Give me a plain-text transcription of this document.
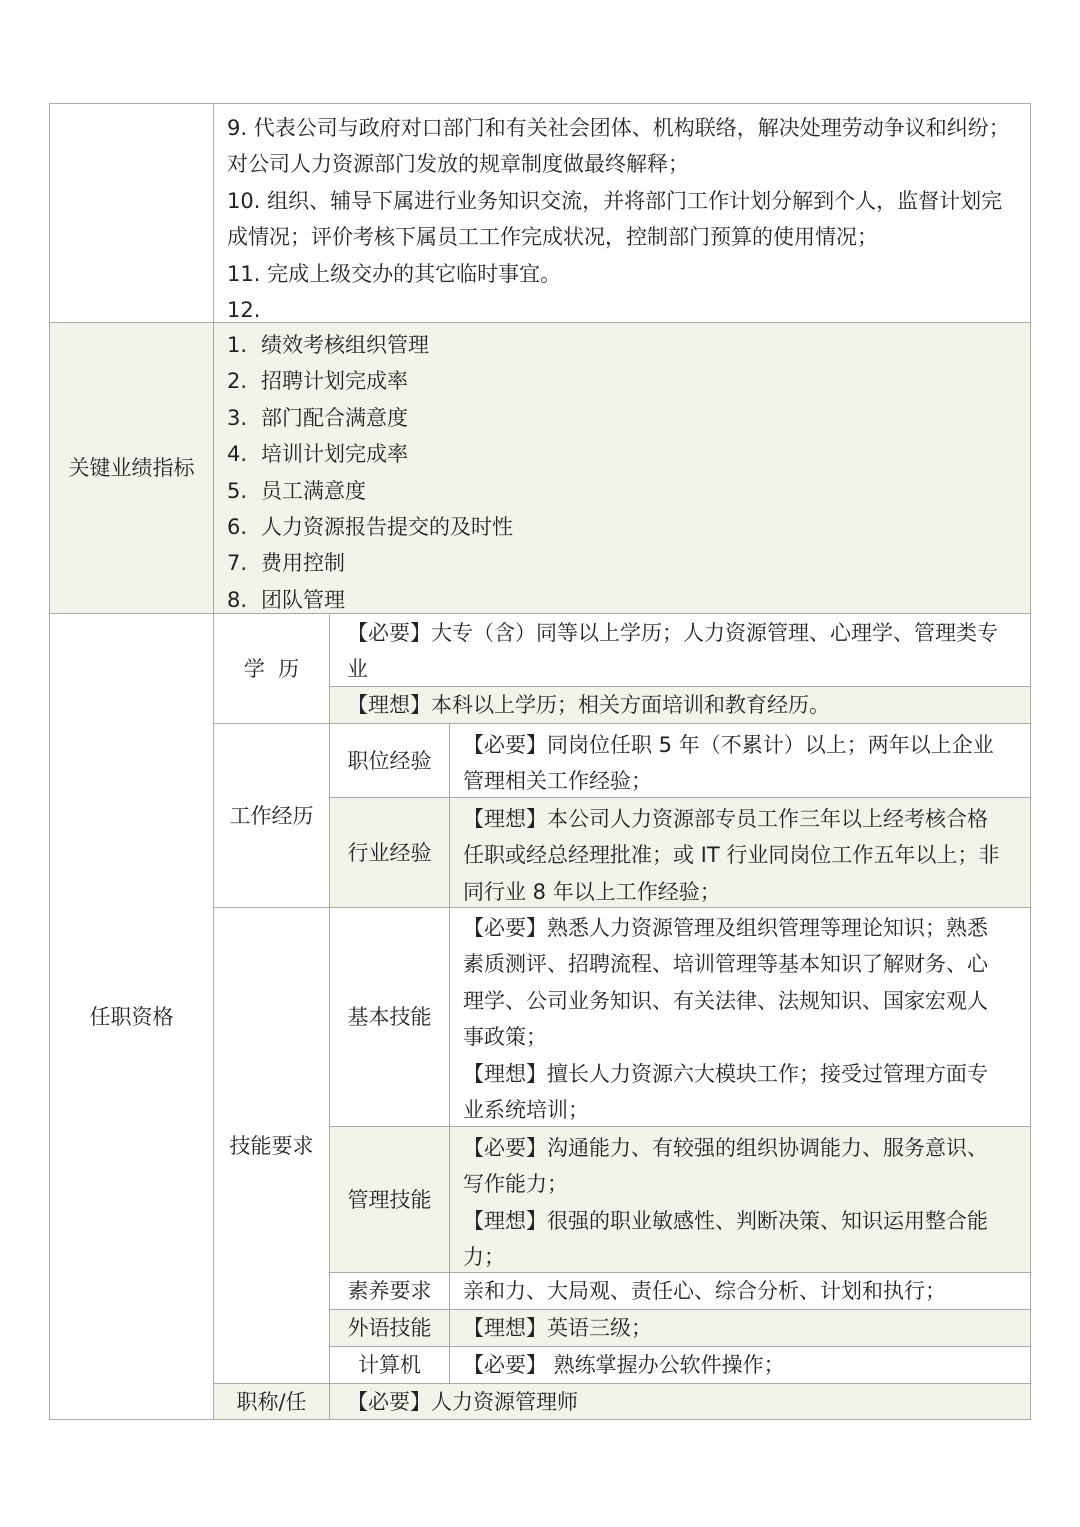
9. 代表公司与政府对口部门和有关社会团体、机构联络，解决处理劳动争议和纠纷；
对公司人力资源部门发放的规章制度做最终解释；
10. 组织、辅导下属进行业务知识交流，并将部门工作计划分解到个人，监督计划完
成情况；评价考核下属员工工作完成状况，控制部门预算的使用情况；
11. 完成上级交办的其它临时事宜。
12.
关键业绩指标
1. 绩效考核组织管理
2. 招聘计划完成率
3. 部门配合满意度
4. 培训计划完成率
5. 员工满意度
6. 人力资源报告提交的及时性
7. 费用控制
8. 团队管理
任职资格
学  历
【必要】大专（含）同等以上学历；人力资源管理、心理学、管理类专
业
【理想】本科以上学历；相关方面培训和教育经历。
工作经历
职位经验
【必要】同岗位任职 5 年（不累计）以上；两年以上企业
管理相关工作经验；
行业经验
【理想】本公司人力资源部专员工作三年以上经考核合格
任职或经总经理批准；或 IT 行业同岗位工作五年以上；非
同行业 8 年以上工作经验；
技能要求
基本技能
【必要】熟悉人力资源管理及组织管理等理论知识；熟悉
素质测评、招聘流程、培训管理等基本知识了解财务、心
理学、公司业务知识、有关法律、法规知识、国家宏观人
事政策；
【理想】擅长人力资源六大模块工作；接受过管理方面专
业系统培训；
管理技能
【必要】沟通能力、有较强的组织协调能力、服务意识、
写作能力；
【理想】很强的职业敏感性、判断决策、知识运用整合能
力；
素养要求 亲和力、大局观、责任心、综合分析、计划和执行；
外语技能 【理想】英语三级；
计算机 【必要】 熟练掌握办公软件操作；
职称/任 【必要】人力资源管理师
